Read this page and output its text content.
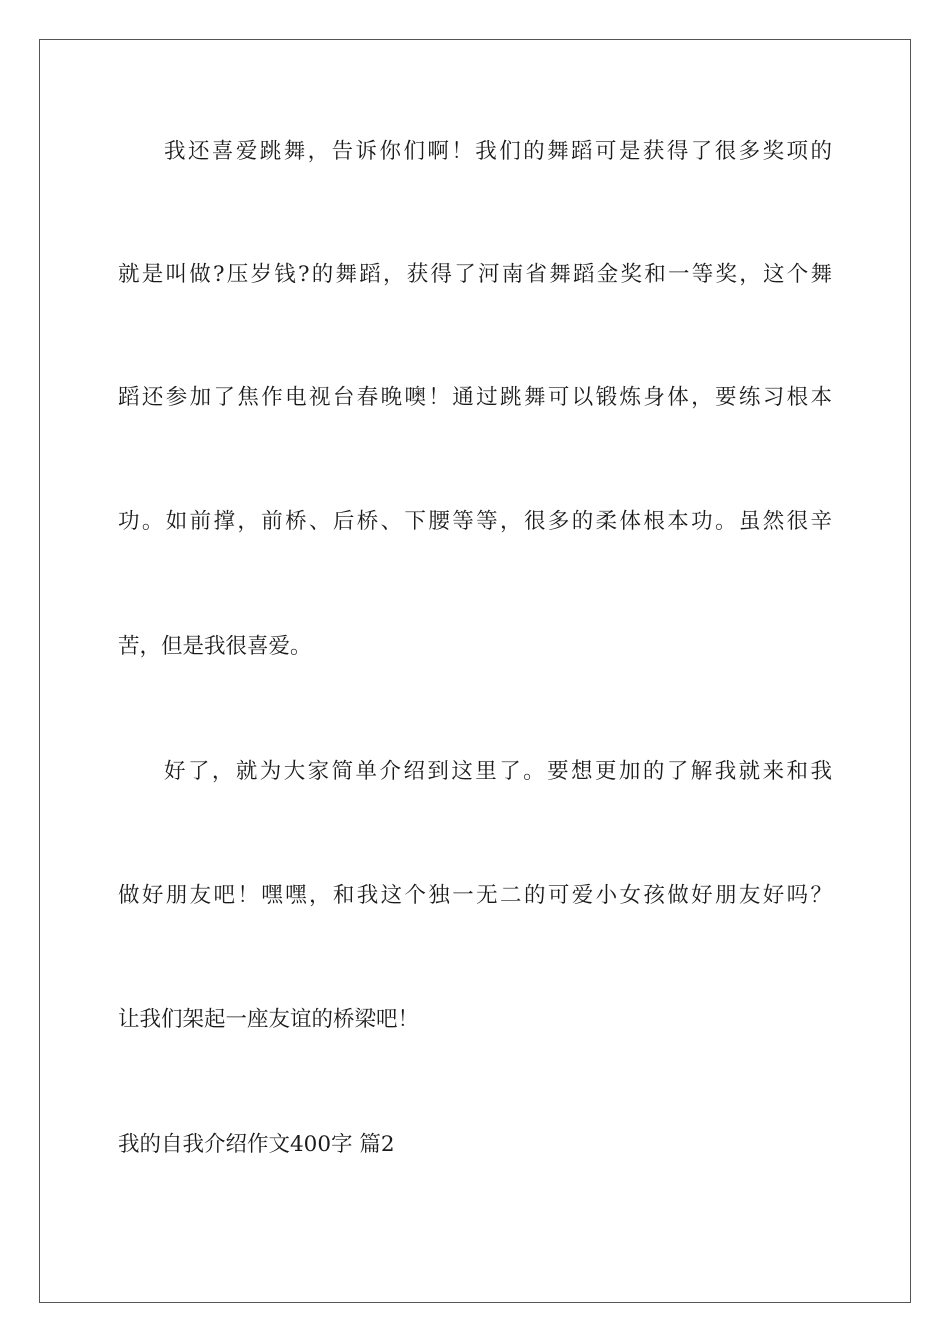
我还喜爱跳舞，告诉你们啊！我们的舞蹈可是获得了很多奖项的
就是叫做?压岁钱?的舞蹈，获得了河南省舞蹈金奖和一等奖，这个舞
蹈还参加了焦作电视台春晚噢！通过跳舞可以锻炼身体，要练习根本
功。如前撑，前桥、后桥、下腰等等，很多的柔体根本功。虽然很辛
苦，但是我很喜爱。
好了，就为大家简单介绍到这里了。要想更加的了解我就来和我
做好朋友吧！嘿嘿，和我这个独一无二的可爱小女孩做好朋友好吗？
让我们架起一座友谊的桥梁吧！
我的自我介绍作文400字 篇2
